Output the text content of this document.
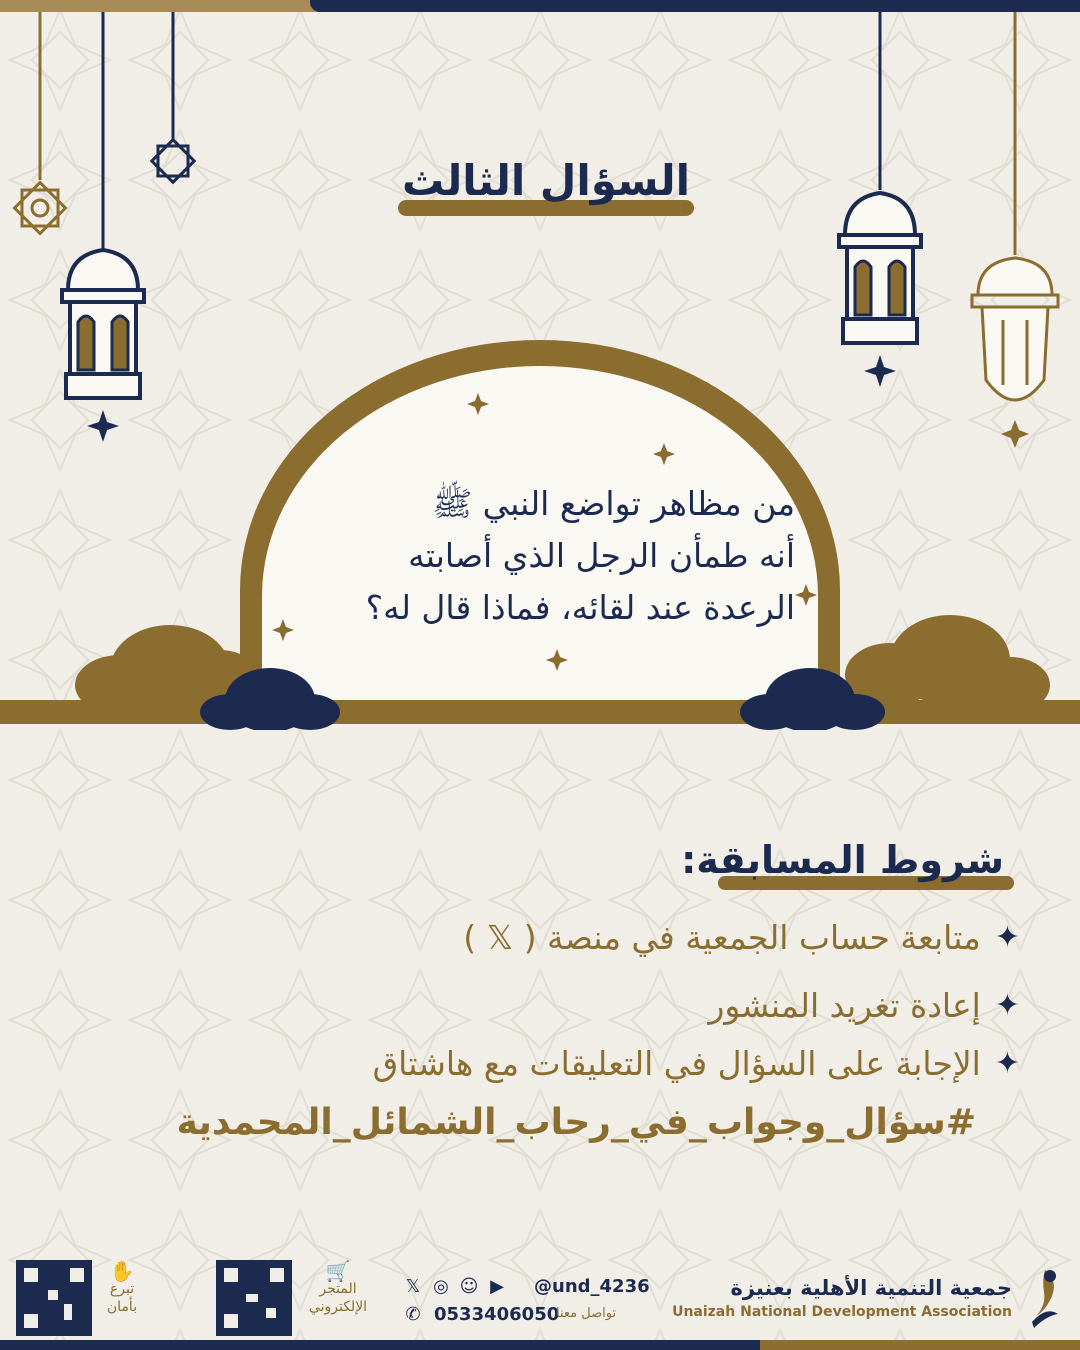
السؤال الثالث
من مظاهر تواضع النبي ﷺ
أنه طمأن الرجل الذي أصابته
الرعدة عند لقائه، فماذا قال له؟
شروط المسابقة:
✦
متابعة حساب الجمعية في منصة ( 𝕏 )
✦
إعادة تغريد المنشور
✦
الإجابة على السؤال في التعليقات مع هاشتاق
#سؤال_وجواب_في_رحاب_الشمائل_المحمدية
✋
تبرع
بأمان
🛒
المتجر
الإلكتروني
𝕏 ◎ ☺ ▶ @und_4236
✆ 0533406050
تواصل معنا
جمعية التنمية الأهلية بعنيزة
Unaizah National Development Association
